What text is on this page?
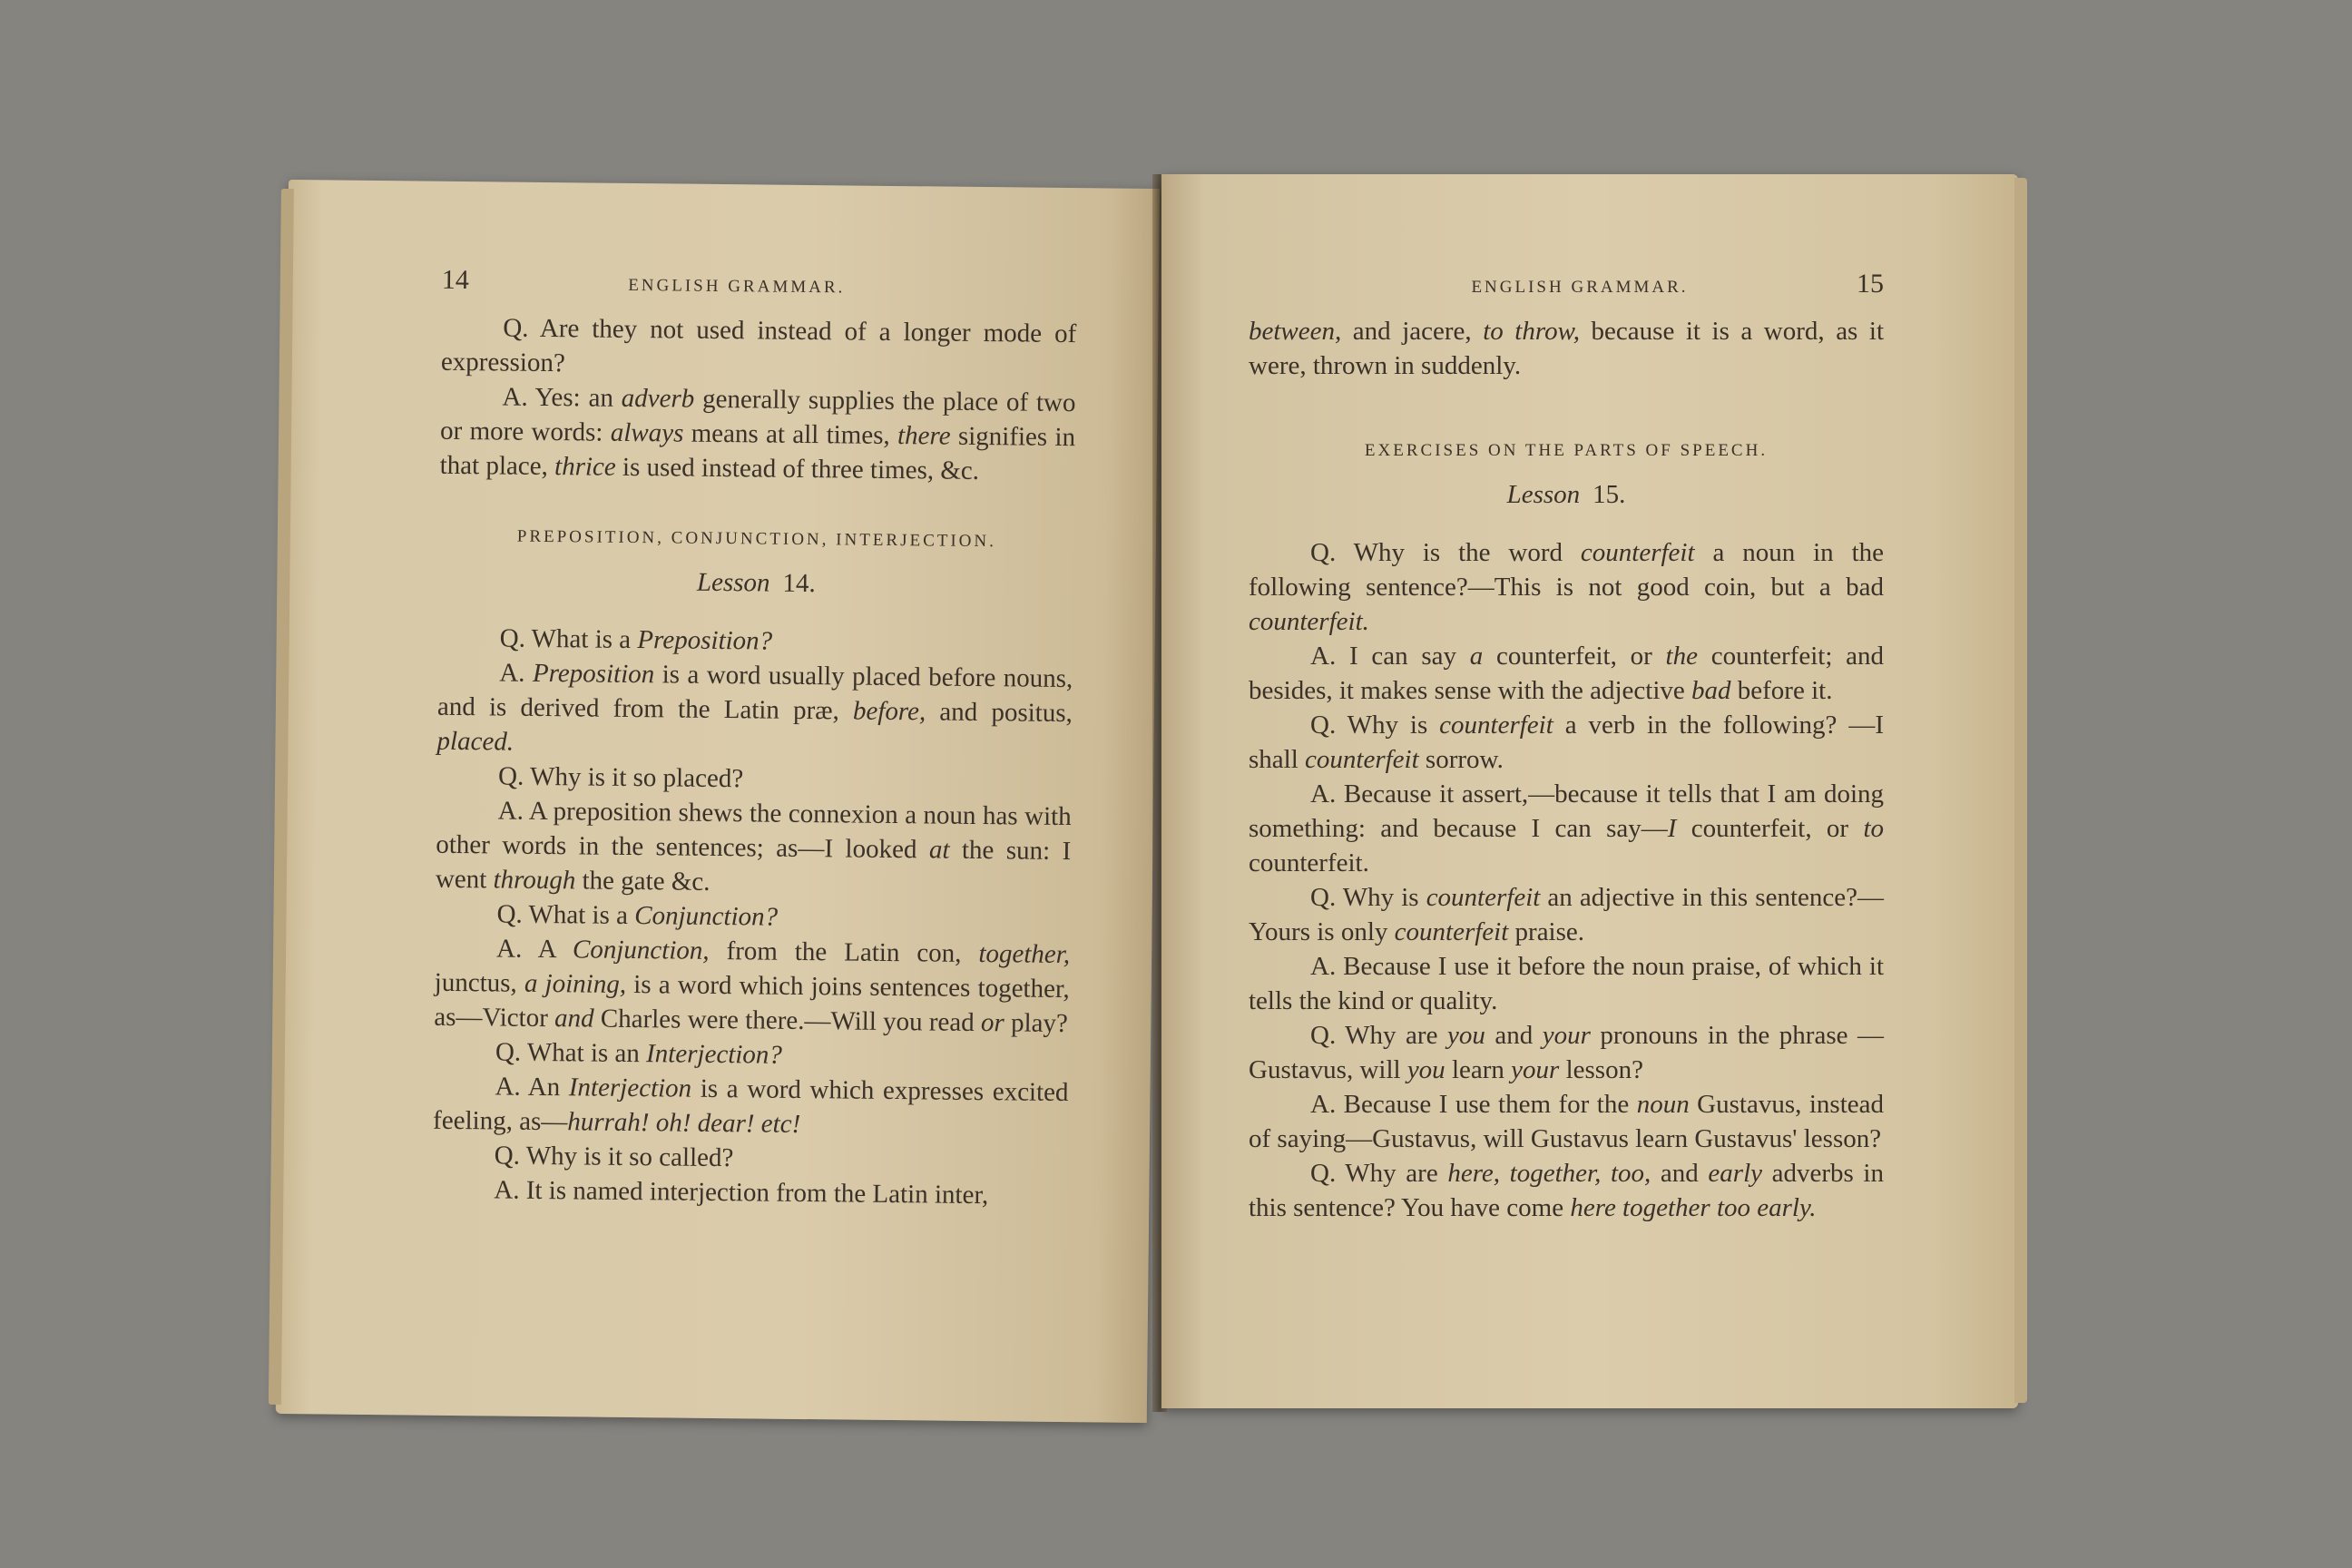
14	ENGLISH GRAMMAR.

Q. Are they not used instead of a longer mode of expression?

A. Yes: an adverb generally supplies the place of two or more words: always means at all times, there signifies in that place, thrice is used instead of three times, &c.

PREPOSITION, CONJUNCTION, INTERJECTION.
Lesson 14.

Q. What is a Preposition?

A. Preposition is a word usually placed before nouns, and is derived from the Latin præ, before, and positus, placed.

Q. Why is it so placed?

A. A preposition shews the connexion a noun has with other words in the sentences; as—I looked at the sun: I went through the gate &c.

Q. What is a Conjunction?

A. A Conjunction, from the Latin con, together, junctus, a joining, is a word which joins sentences together, as—Victor and Charles were there.—Will you read or play?

Q. What is an Interjection?

A. An Interjection is a word which expresses excited feeling, as—hurrah! oh! dear! etc!

Q. Why is it so called?

A. It is named interjection from the Latin inter,

ENGLISH GRAMMAR.	15

between, and jacere, to throw, because it is a word, as it were, thrown in suddenly.

EXERCISES ON THE PARTS OF SPEECH.
Lesson 15.

Q. Why is the word counterfeit a noun in the following sentence?—This is not good coin, but a bad counterfeit.

A. I can say a counterfeit, or the counterfeit; and besides, it makes sense with the adjective bad before it.

Q. Why is counterfeit a verb in the following? —I shall counterfeit sorrow.

A. Because it assert,—because it tells that I am doing something: and because I can say—I counterfeit, or to counterfeit.

Q. Why is counterfeit an adjective in this sentence?—Yours is only counterfeit praise.

A. Because I use it before the noun praise, of which it tells the kind or quality.

Q. Why are you and your pronouns in the phrase —Gustavus, will you learn your lesson?

A. Because I use them for the noun Gustavus, instead of saying—Gustavus, will Gustavus learn Gustavus' lesson?

Q. Why are here, together, too, and early adverbs in this sentence? You have come here together too early.
